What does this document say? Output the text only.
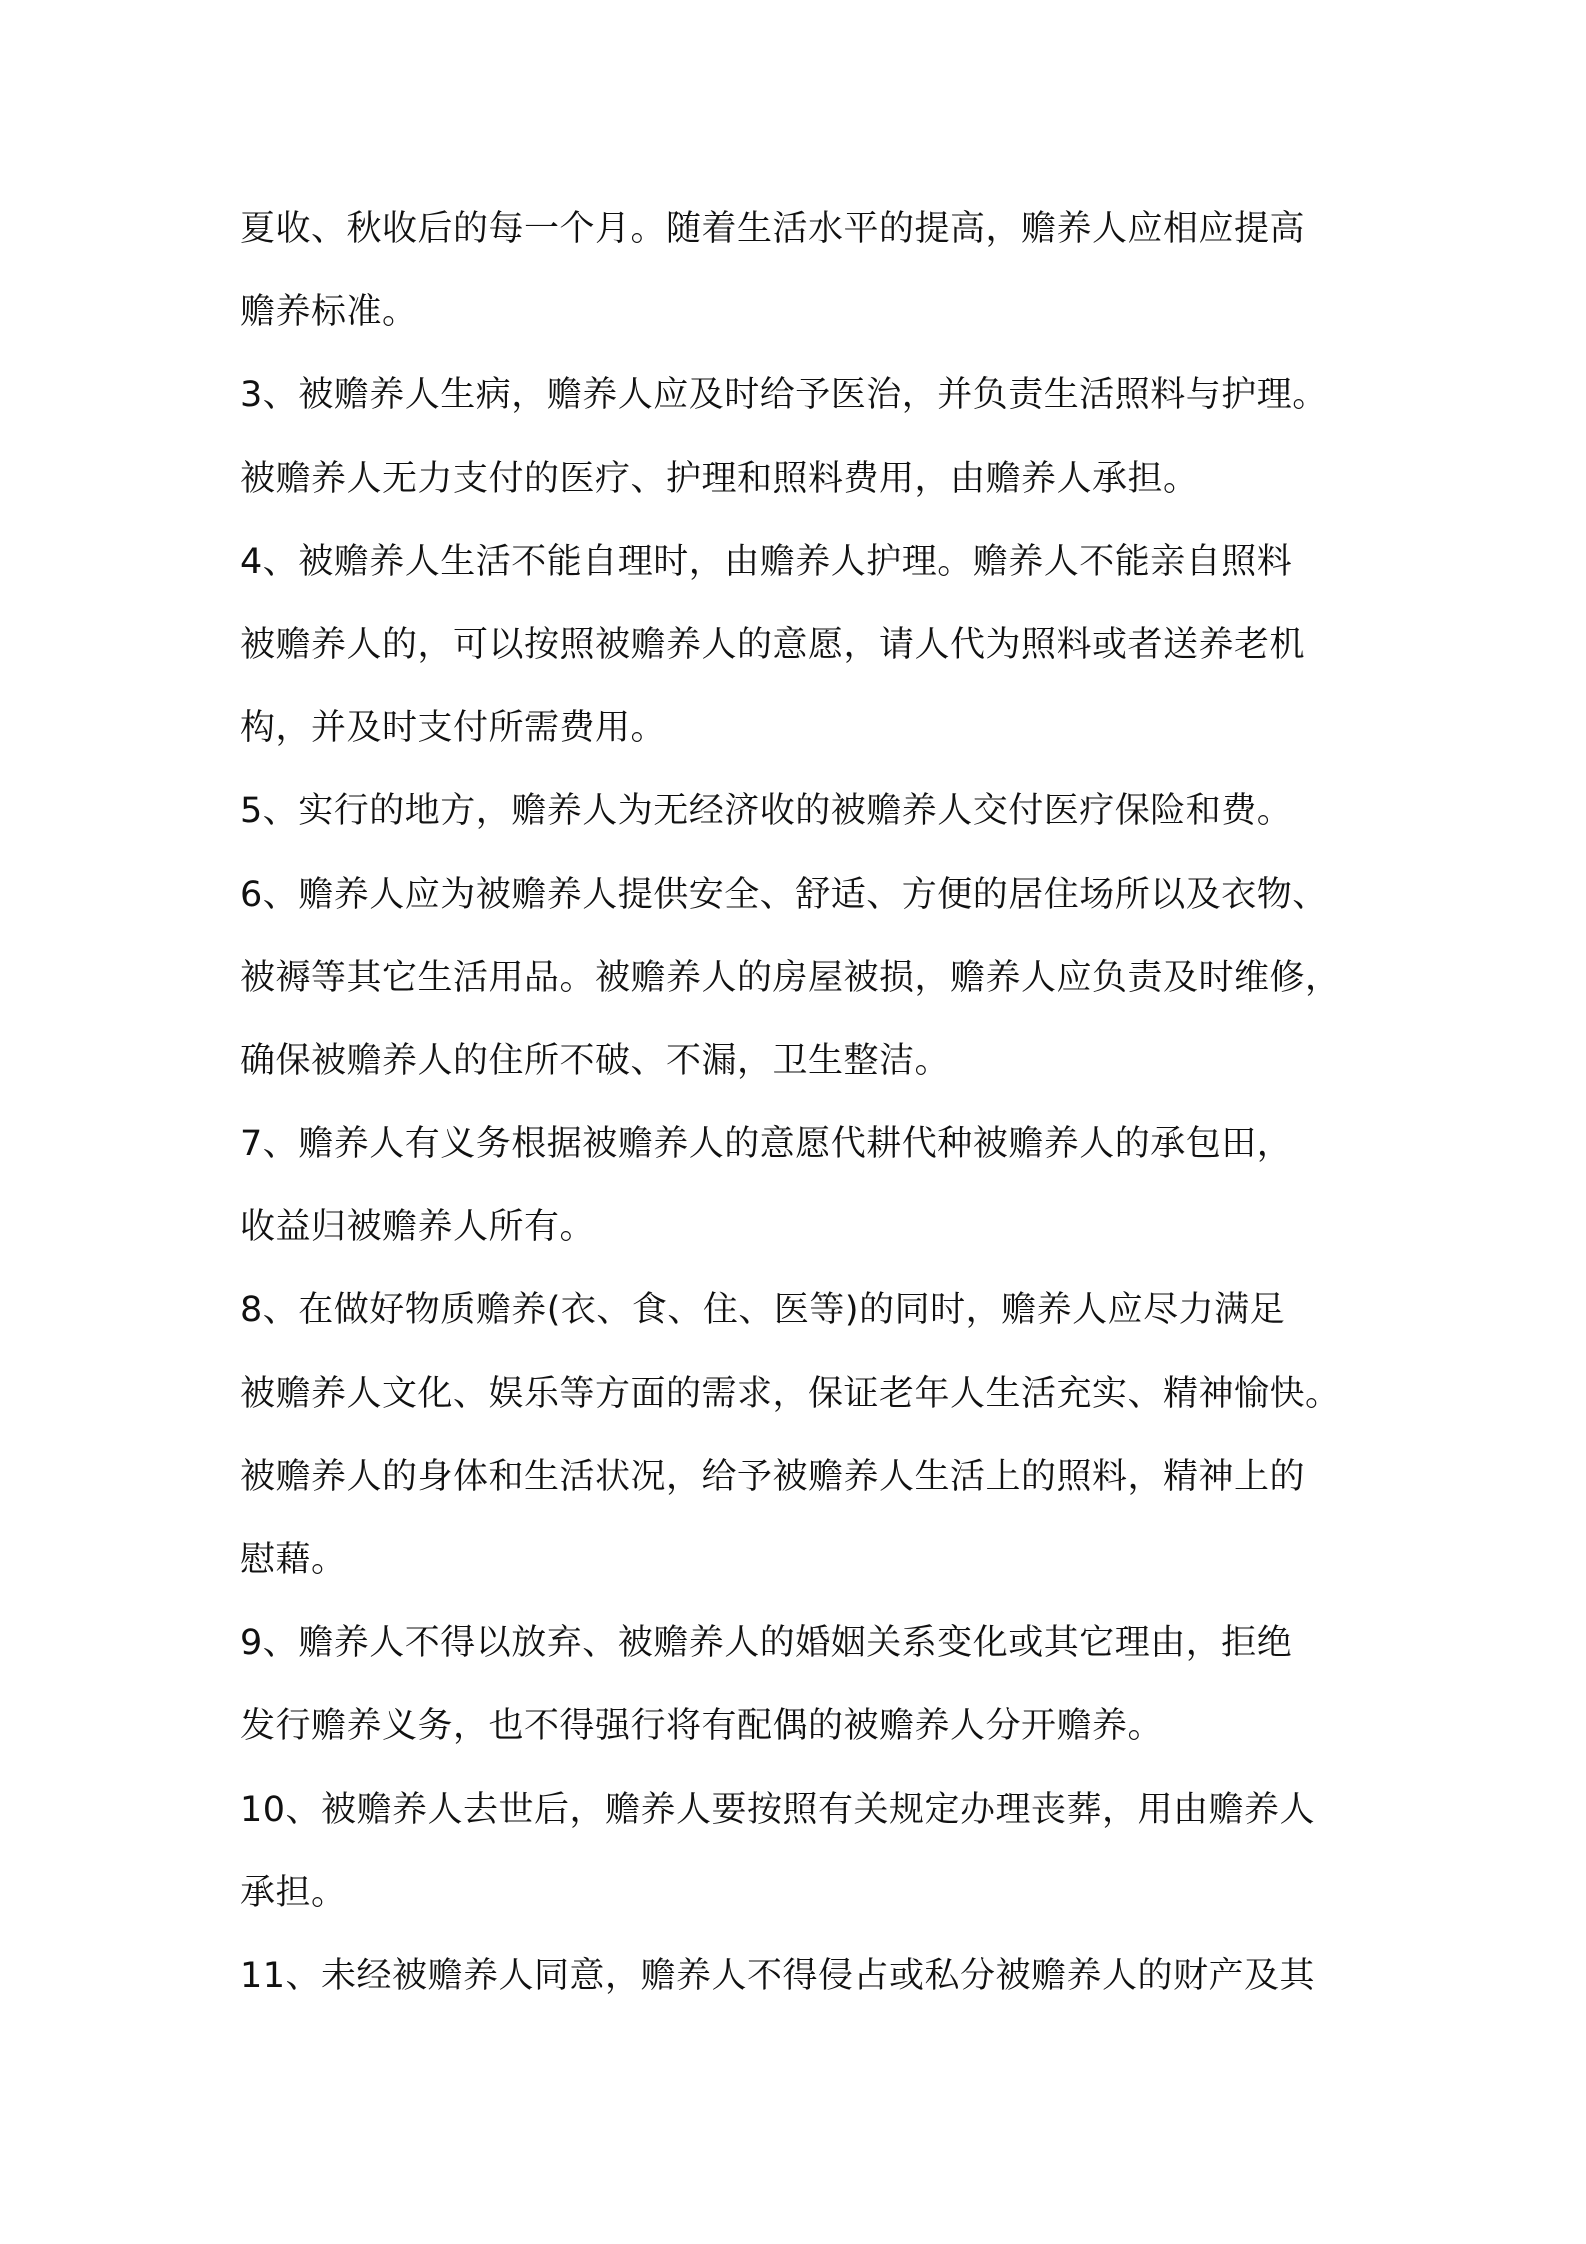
夏收、秋收后的每一个月。随着生活水平的提高，赡养人应相应提高
赡养标准。
3、被赡养人生病，赡养人应及时给予医治，并负责生活照料与护理。
被赡养人无力支付的医疗、护理和照料费用，由赡养人承担。
4、被赡养人生活不能自理时，由赡养人护理。赡养人不能亲自照料
被赡养人的，可以按照被赡养人的意愿，请人代为照料或者送养老机
构，并及时支付所需费用。
5、实行的地方，赡养人为无经济收的被赡养人交付医疗保险和费。
6、赡养人应为被赡养人提供安全、舒适、方便的居住场所以及衣物、
被褥等其它生活用品。被赡养人的房屋被损，赡养人应负责及时维修，
确保被赡养人的住所不破、不漏，卫生整洁。
7、赡养人有义务根据被赡养人的意愿代耕代种被赡养人的承包田，
收益归被赡养人所有。
8、在做好物质赡养(衣、食、住、医等)的同时，赡养人应尽力满足
被赡养人文化、娱乐等方面的需求，保证老年人生活充实、精神愉快。
被赡养人的身体和生活状况，给予被赡养人生活上的照料，精神上的
慰藉。
9、赡养人不得以放弃、被赡养人的婚姻关系变化或其它理由，拒绝
发行赡养义务，也不得强行将有配偶的被赡养人分开赡养。
10、被赡养人去世后，赡养人要按照有关规定办理丧葬，用由赡养人
承担。
11、未经被赡养人同意，赡养人不得侵占或私分被赡养人的财产及其
